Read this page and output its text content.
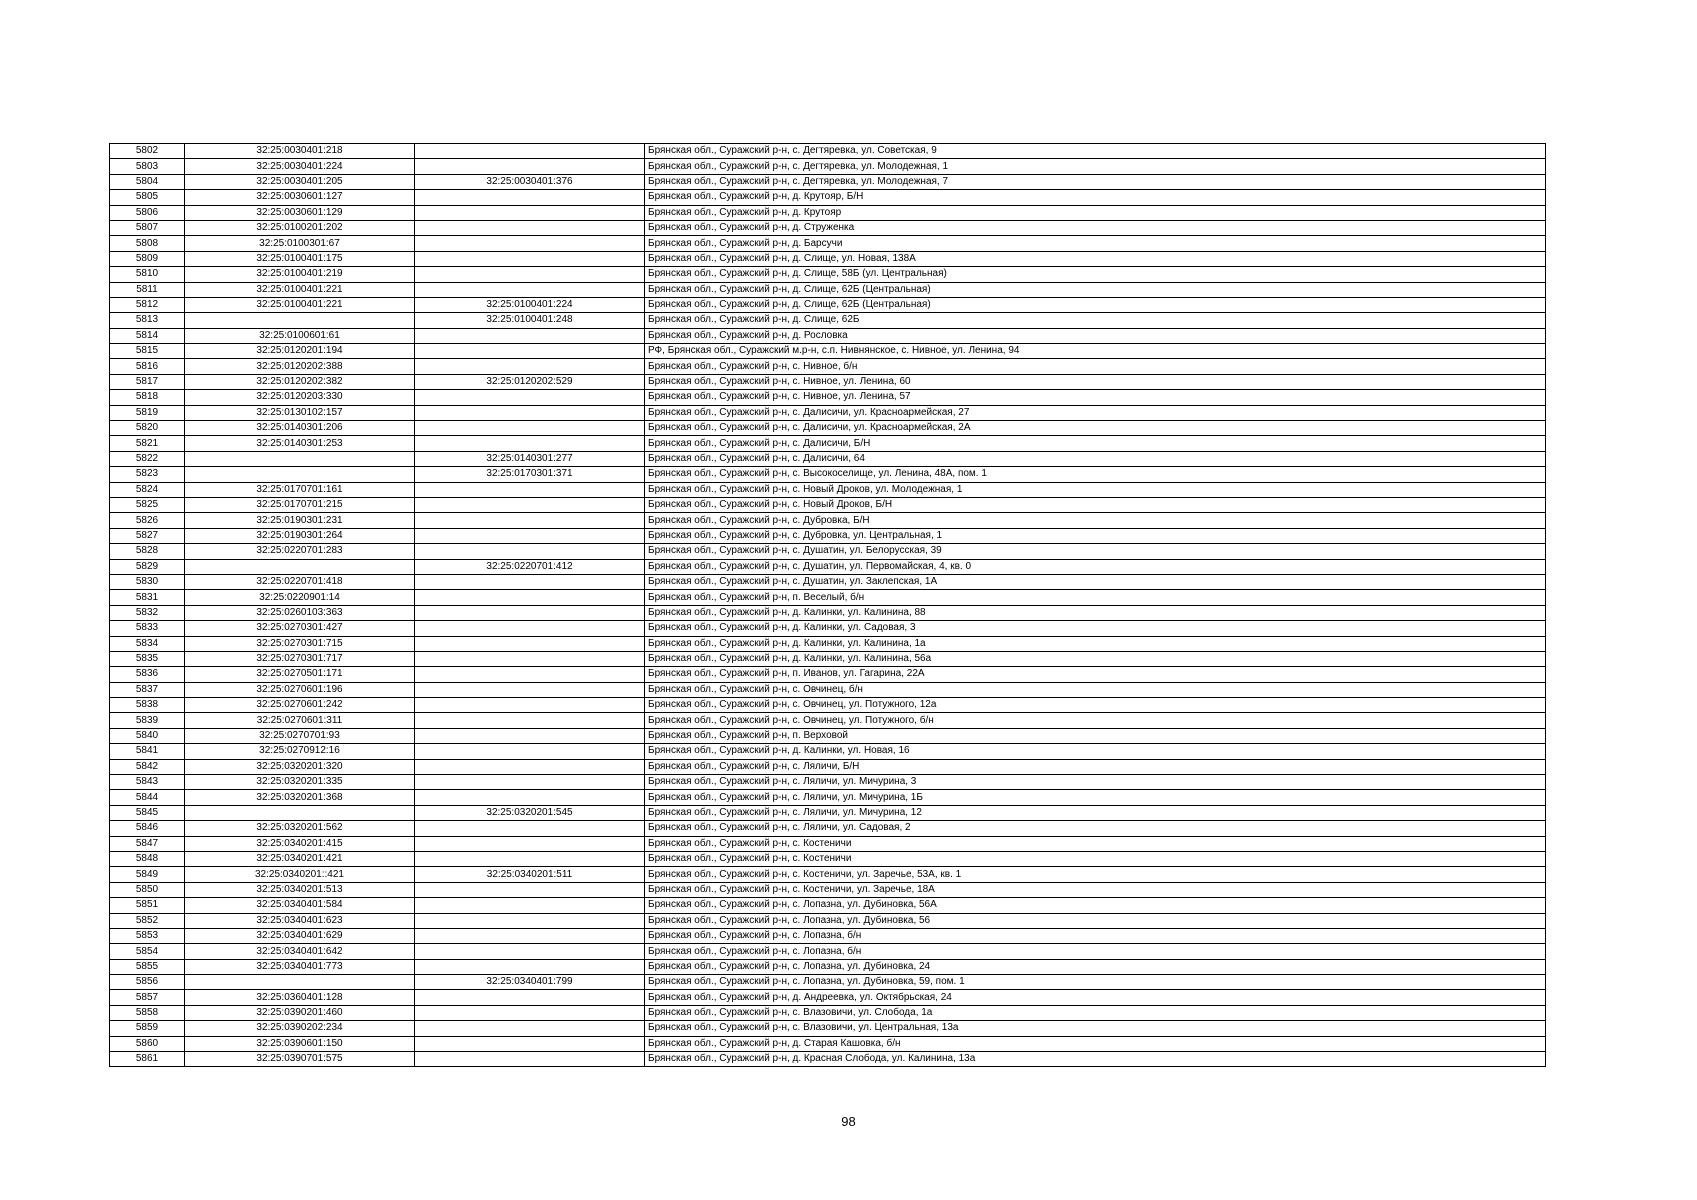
5802	32:25:0030401:218		Брянская обл., Суражский р-н, с. Дегтяревка, ул. Советская, 9
5803	32:25:0030401:224		Брянская обл., Суражский р-н, с. Дегтяревка, ул. Молодежная, 1
5804	32:25:0030401:205	32:25:0030401:376	Брянская обл., Суражский р-н, с. Дегтяревка, ул. Молодежная, 7
5805	32:25:0030601:127		Брянская обл., Суражский р-н, д. Крутояр, Б/Н
5806	32:25:0030601:129		Брянская обл., Суражский р-н, д. Крутояр
5807	32:25:0100201:202		Брянская обл., Суражский р-н, д. Струженка
5808	32:25:0100301:67		Брянская обл., Суражский р-н, д. Барсучи
5809	32:25:0100401:175		Брянская обл., Суражский р-н, д. Слище, ул. Новая, 138А
5810	32:25:0100401:219		Брянская обл., Суражский р-н, д. Слище, 58Б (ул. Центральная)
5811	32:25:0100401:221		Брянская обл., Суражский р-н, д. Слище, 62Б (Центральная)
5812	32:25:0100401:221	32:25:0100401:224	Брянская обл., Суражский р-н, д. Слище, 62Б (Центральная)
5813		32:25:0100401:248	Брянская обл., Суражский р-н, д. Слище, 62Б
5814	32:25:0100601:61		Брянская обл., Суражский р-н, д. Рословка
5815	32:25:0120201:194		РФ, Брянская обл., Суражский м.р-н, с.п. Нивнянское, с. Нивное, ул. Ленина, 94
5816	32:25:0120202:388		Брянская обл., Суражский р-н, с. Нивное, б/н
5817	32:25:0120202:382	32:25:0120202:529	Брянская обл., Суражский р-н, с. Нивное, ул. Ленина, 60
5818	32:25:0120203:330		Брянская обл., Суражский р-н, с. Нивное, ул. Ленина, 57
5819	32:25:0130102:157		Брянская обл., Суражский р-н, с. Далисичи, ул. Красноармейская, 27
5820	32:25:0140301:206		Брянская обл., Суражский р-н, с. Далисичи, ул. Красноармейская, 2А
5821	32:25:0140301:253		Брянская обл., Суражский р-н, с. Далисичи, Б/Н
5822		32:25:0140301:277	Брянская обл., Суражский р-н, с. Далисичи, 64
5823		32:25:0170301:371	Брянская обл., Суражский р-н, с. Высокоселище, ул. Ленина, 48А, пом. 1
5824	32:25:0170701:161		Брянская обл., Суражский р-н, с. Новый Дроков, ул. Молодежная, 1
5825	32:25:0170701:215		Брянская обл., Суражский р-н, с. Новый Дроков, Б/Н
5826	32:25:0190301:231		Брянская обл., Суражский р-н, с. Дубровка, Б/Н
5827	32:25:0190301:264		Брянская обл., Суражский р-н, с. Дубровка, ул. Центральная, 1
5828	32:25:0220701:283		Брянская обл., Суражский р-н, с. Душатин, ул. Белорусская, 39
5829		32:25:0220701:412	Брянская обл., Суражский р-н, с. Душатин, ул. Первомайская, 4, кв. 0
5830	32:25:0220701:418		Брянская обл., Суражский р-н, с. Душатин, ул. Заклепская, 1А
5831	32:25:0220901:14		Брянская обл., Суражский р-н, п. Веселый, б/н
5832	32:25:0260103:363		Брянская обл., Суражский р-н, д. Калинки, ул. Калинина, 88
5833	32:25:0270301:427		Брянская обл., Суражский р-н, д. Калинки, ул. Садовая, 3
5834	32:25:0270301:715		Брянская обл., Суражский р-н, д. Калинки, ул. Калинина, 1а
5835	32:25:0270301:717		Брянская обл., Суражский р-н, д. Калинки, ул. Калинина, 56а
5836	32:25:0270501:171		Брянская обл., Суражский р-н, п. Иванов, ул. Гагарина, 22А
5837	32:25:0270601:196		Брянская обл., Суражский р-н, с. Овчинец, б/н
5838	32:25:0270601:242		Брянская обл., Суражский р-н, с. Овчинец, ул. Потужного, 12а
5839	32:25:0270601:311		Брянская обл., Суражский р-н, с. Овчинец, ул. Потужного, б/н
5840	32:25:0270701:93		Брянская обл., Суражский р-н, п. Верховой
5841	32:25:0270912:16		Брянская обл., Суражский р-н, д. Калинки, ул. Новая, 16
5842	32:25:0320201:320		Брянская обл., Суражский р-н, с. Ляличи, Б/Н
5843	32:25:0320201:335		Брянская обл., Суражский р-н, с. Ляличи, ул. Мичурина, 3
5844	32:25:0320201:368		Брянская обл., Суражский р-н, с. Ляличи, ул. Мичурина, 1Б
5845		32:25:0320201:545	Брянская обл., Суражский р-н, с. Ляличи, ул. Мичурина, 12
5846	32:25:0320201:562		Брянская обл., Суражский р-н, с. Ляличи, ул. Садовая, 2
5847	32:25:0340201:415		Брянская обл., Суражский р-н, с. Костеничи
5848	32:25:0340201:421		Брянская обл., Суражский р-н, с. Костеничи
5849	32:25:0340201::421	32:25:0340201:511	Брянская обл., Суражский р-н, с. Костеничи, ул. Заречье, 53А, кв. 1
5850	32:25:0340201:513		Брянская обл., Суражский р-н, с. Костеничи, ул. Заречье, 18А
5851	32:25:0340401:584		Брянская обл., Суражский р-н, с. Лопазна, ул. Дубиновка, 56А
5852	32:25:0340401:623		Брянская обл., Суражский р-н, с. Лопазна, ул. Дубиновка, 56
5853	32:25:0340401:629		Брянская обл., Суражский р-н, с. Лопазна, б/н
5854	32:25:0340401:642		Брянская обл., Суражский р-н, с. Лопазна, б/н
5855	32:25:0340401:773		Брянская обл., Суражский р-н, с. Лопазна, ул. Дубиновка, 24
5856		32:25:0340401:799	Брянская обл., Суражский р-н, с. Лопазна, ул. Дубиновка, 59, пом. 1
5857	32:25:0360401:128		Брянская обл., Суражский р-н, д. Андреевка, ул. Октябрьская, 24
5858	32:25:0390201:460		Брянская обл., Суражский р-н, с. Влазовичи, ул. Слобода, 1а
5859	32:25:0390202:234		Брянская обл., Суражский р-н, с. Влазовичи, ул. Центральная, 13а
5860	32:25:0390601:150		Брянская обл., Суражский р-н, д. Старая Кашовка, б/н
5861	32:25:0390701:575		Брянская обл., Суражский р-н, д. Красная Слобода, ул. Калинина, 13а
98
